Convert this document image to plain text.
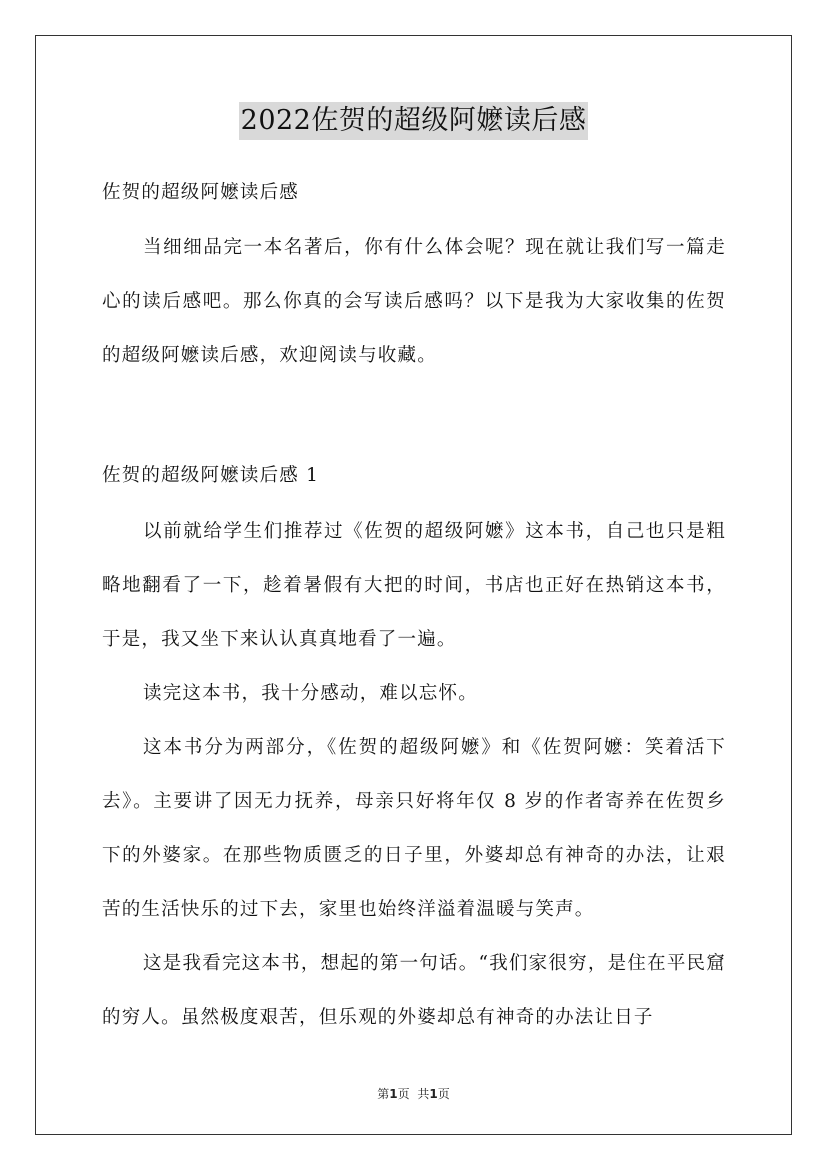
2022佐贺的超级阿嬷读后感

佐贺的超级阿嬷读后感

当细细品完一本名著后，你有什么体会呢？现在就让我们写一篇走心的读后感吧。那么你真的会写读后感吗？以下是我为大家收集的佐贺的超级阿嬷读后感，欢迎阅读与收藏。

佐贺的超级阿嬷读后感 1

以前就给学生们推荐过《佐贺的超级阿嬷》这本书，自己也只是粗略地翻看了一下，趁着暑假有大把的时间，书店也正好在热销这本书，于是，我又坐下来认认真真地看了一遍。

读完这本书，我十分感动，难以忘怀。

这本书分为两部分，《佐贺的超级阿嬷》和《佐贺阿嬷：笑着活下去》。主要讲了因无力抚养，母亲只好将年仅 8 岁的作者寄养在佐贺乡下的外婆家。在那些物质匮乏的日子里，外婆却总有神奇的办法，让艰苦的生活快乐的过下去，家里也始终洋溢着温暖与笑声。

这是我看完这本书，想起的第一句话。“我们家很穷，是住在平民窟的穷人。虽然极度艰苦，但乐观的外婆却总有神奇的办法让日子

第1页 共1页
